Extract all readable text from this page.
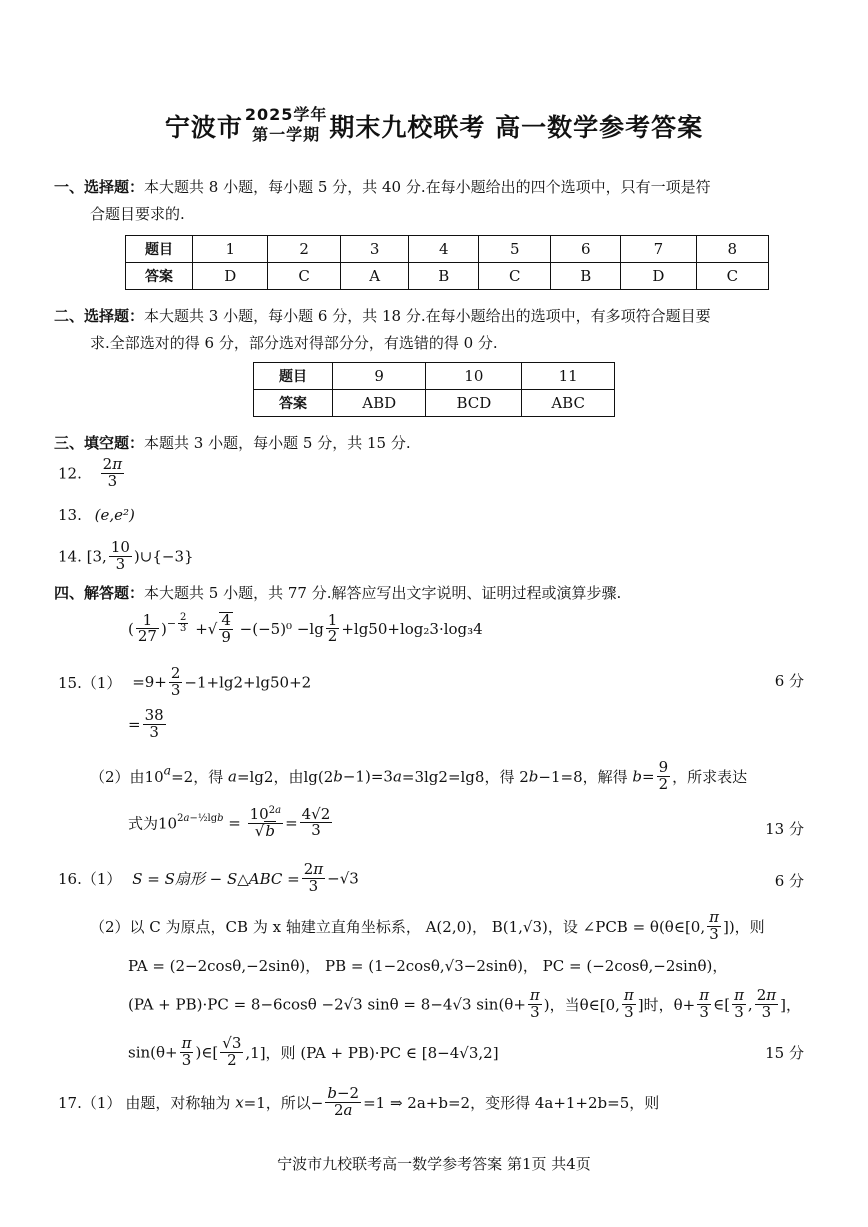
宁波市 2025学年
第一学期 期末九校联考 高一数学参考答案
一、选择题：本大题共 8 小题，每小题 5 分，共 40 分.在每小题给出的四个选项中，只有一项是符
合题目要求的.
题目	1	2	3	4	5	6	7	8
答案	D	C	A	B	C	B	D	C
二、选择题：本大题共 3 小题，每小题 6 分，共 18 分.在每小题给出的选项中，有多项符合题目要
求.全部选对的得 6 分，部分选对得部分分，有选错的得 0 分.
题目	9	10	11
答案	ABD	BCD	ABC
三、填空题：本题共 3 小题，每小题 5 分，共 15 分.
12. $\frac{2\pi}{3}$
13. (e,e²)
14. [3, $\frac{10}{3}$ )∪{−3}
四、解答题：本大题共 5 小题，共 77 分.解答应写出文字说明、证明过程或演算步骤.
( $\frac{1}{27} )^{- \frac{2}{3}}$ +√ $\frac{4}{9} -(-5)^0 -\lg \frac{1}{2} +\lg 50+\log_23\cdot\log_34$
$15.(1) =9+ \frac{2}{3} -1+\lg 2+\lg 50+2$	6 分
= $\frac{38}{3}$
（2）由$10^a=2$，得 a=lg2，由lg(2b−1)=3a=3lg2=lg8，得 2b−1=8，解得 $b= \frac{9}{2}$ ，所求表达
式为$10^{2a-\frac{1}{2}lgb} = \frac{10^{2a}}{√b} = \frac{4√2}{3}$	13 分
16.（1） S = S扇形 − S△ABC = $\frac{2\pi}{3} -√3$	6 分
（2）以 C 为原点，CB 为 x 轴建立直角坐标系， A(2,0)， B(1,√3)，设 ∠PCB = θ(θ∈[0, $\frac{\pi}{3}$ ])，则
PA = (2−2cosθ,−2sinθ)， PB = (1−2cosθ,√3−2sinθ)， PC = (−2cosθ,−2sinθ)，
(PA + PB)·PC = 8−6cosθ −2√3 sinθ = 8−4√3 $\sin(\theta+ \frac{\pi}{3}$ )，当θ∈[0, $\frac{\pi}{3}$ ]时，$\theta+ \frac{\pi}{3}$ ∈[ $\frac{\pi}{3}$ , $\frac{2\pi}{3}$ ]，
$\sin(\theta+ \frac{\pi}{3}$ )∈[ $\frac{√3}{2} ,1$]，则 (PA + PB)·PC ∈ [8−4√3,2]	15 分
17.（1） 由题，对称轴为 x=1，所以− $\frac{b-2}{2a} =1$ ⇒ 2a+b=2，变形得 4a+1+2b=5，则
宁波市九校联考高一数学参考答案 第1页 共4页
